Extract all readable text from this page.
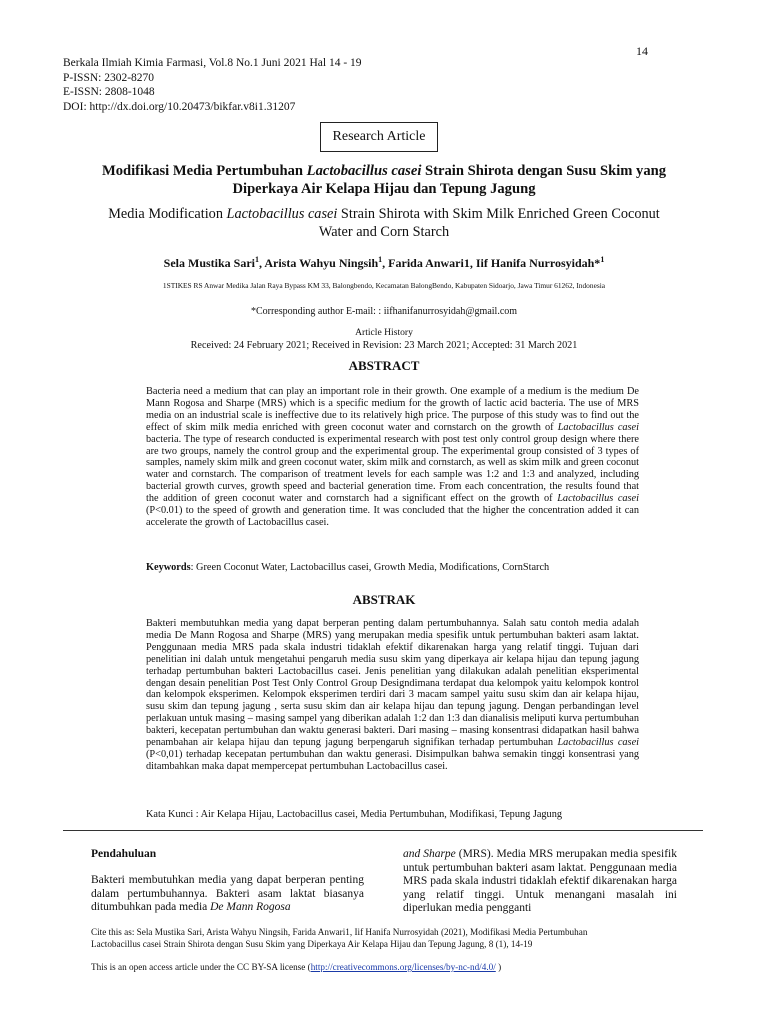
14
Berkala Ilmiah Kimia Farmasi, Vol.8 No.1 Juni 2021 Hal 14 - 19
P-ISSN: 2302-8270
E-ISSN: 2808-1048
DOI: http://dx.doi.org/10.20473/bikfar.v8i1.31207
Research Article
Modifikasi Media Pertumbuhan Lactobacillus casei Strain Shirota dengan Susu Skim yang Diperkaya Air Kelapa Hijau dan Tepung Jagung
Media Modification Lactobacillus casei Strain Shirota with Skim Milk Enriched Green Coconut Water and Corn Starch
Sela Mustika Sari$^1$, Arista Wahyu Ningsih$^1$, Farida Anwari1, Iif Hanifa Nurrosyidah*$^1$
1STIKES RS Anwar Medika Jalan Raya Bypass KM 33, Balongbendo, Kecamatan BalongBendo, Kabupaten Sidoarjo, Jawa Timur 61262, Indonesia
*Corresponding author E-mail: : iifhanifanurrosyidah@gmail.com
Article History
Received: 24 February 2021; Received in Revision: 23 March 2021; Accepted: 31 March 2021
ABSTRACT
Bacteria need a medium that can play an important role in their growth. One example of a medium is the medium De Mann Rogosa and Sharpe (MRS) which is a specific medium for the growth of lactic acid bacteria. The use of MRS media on an industrial scale is ineffective due to its relatively high price. The purpose of this study was to find out the effect of skim milk media enriched with green coconut water and cornstarch on the growth of Lactobacillus casei bacteria. The type of research conducted is experimental research with post test only control group design where there are two groups, namely the control group and the experimental group. The experimental group consisted of 3 types of samples, namely skim milk and green coconut water, skim milk and cornstarch, as well as skim milk and green coconut water and cornstarch. The comparison of treatment levels for each sample was 1:2 and 1:3 and analyzed, including bacterial growth curves, growth speed and bacterial generation time. From each concentration, the results found that the addition of green coconut water and cornstarch had a significant effect on the growth of Lactobacillus casei (P<0.01) to the speed of growth and generation time. It was concluded that the higher the concentration added it can accelerate the growth of Lactobacillus casei.
Keywords: Green Coconut Water, Lactobacillus casei, Growth Media, Modifications, CornStarch
ABSTRAK
Bakteri membutuhkan media yang dapat berperan penting dalam pertumbuhannya. Salah satu contoh media adalah media De Mann Rogosa and Sharpe (MRS) yang merupakan media spesifik untuk pertumbuhan bakteri asam laktat. Penggunaan media MRS pada skala industri tidaklah efektif dikarenakan harga yang relatif tinggi. Tujuan dari penelitian ini dalah untuk mengetahui pengaruh media susu skim yang diperkaya air kelapa hijau dan tepung jagung terhadap pertumbuhan bakteri Lactobacillus casei. Jenis penelitian yang dilakukan adalah penelitian eksperimental dengan desain penelitian Post Test Only Control Group Designdimana terdapat dua kelompok yaitu kelompok kontrol dan kelompok eksperimen. Kelompok eksperimen terdiri dari 3 macam sampel yaitu susu skim dan air kelapa hijau, susu skim dan tepung jagung , serta susu skim dan air kelapa hijau dan tepung jagung. Dengan perbandingan level perlakuan untuk masing – masing sampel yang diberikan adalah 1:2 dan 1:3 dan dianalisis meliputi kurva pertumbuhan bakteri, kecepatan pertumbuhan dan waktu generasi bakteri. Dari masing – masing konsentrasi didapatkan hasil bahwa penambahan air kelapa hijau dan tepung jagung berpengaruh signifikan terhadap pertumbuhan Lactobacillus casei (P<0,01) terhadap kecepatan pertumbuhan dan waktu generasi. Disimpulkan bahwa semakin tinggi konsentrasi yang ditambahkan maka dapat mempercepat pertumbuhan Lactobacillus casei.
Kata Kunci : Air Kelapa Hijau, Lactobacillus casei, Media Pertumbuhan, Modifikasi, Tepung Jagung
Pendahuluan
Bakteri membutuhkan media yang dapat berperan penting dalam pertumbuhannya. Bakteri asam laktat biasanya ditumbuhkan pada media De Mann Rogosa
and Sharpe (MRS). Media MRS merupakan media spesifik untuk pertumbuhan bakteri asam laktat. Penggunaan media MRS pada skala industri tidaklah efektif dikarenakan harga yang relatif tinggi. Untuk menangani masalah ini diperlukan media pengganti
Cite this as: Sela Mustika Sari, Arista Wahyu Ningsih, Farida Anwari1, Iif Hanifa Nurrosyidah (2021), Modifikasi Media Pertumbuhan
Lactobacillus casei Strain Shirota dengan Susu Skim yang Diperkaya Air Kelapa Hijau dan Tepung Jagung, 8 (1), 14-19
This is an open access article under the CC BY-SA license (http://creativecommons.org/licenses/by-nc-nd/4.0/ )
